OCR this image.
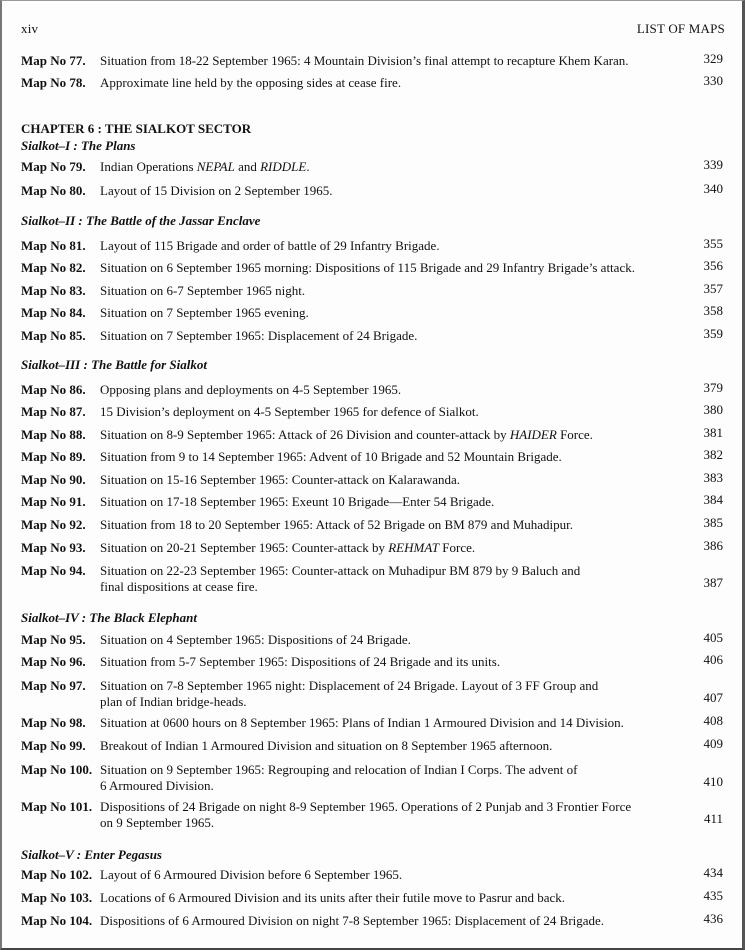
xiv	LIST OF MAPS
CHAPTER 6 : THE SIALKOT SECTOR
Sialkot–I : The Plans
Sialkot–II : The Battle of the Jassar Enclave
Sialkot–III : The Battle for Sialkot
Sialkot–IV : The Black Elephant
Sialkot–V : Enter Pegasus
Map No 77. Situation from 18-22 September 1965: 4 Mountain Division’s final attempt to recapture Khem Karan.	329
Map No 78. Approximate line held by the opposing sides at cease fire.	330
Map No 79. Indian Operations NEPAL and RIDDLE.	339
Map No 80. Layout of 15 Division on 2 September 1965.	340
Map No 81. Layout of 115 Brigade and order of battle of 29 Infantry Brigade.	355
Map No 82. Situation on 6 September 1965 morning: Dispositions of 115 Brigade and 29 Infantry Brigade’s attack.	356
Map No 83. Situation on 6-7 September 1965 night.	357
Map No 84. Situation on 7 September 1965 evening.	358
Map No 85. Situation on 7 September 1965: Displacement of 24 Brigade.	359
Map No 86. Opposing plans and deployments on 4-5 September 1965.	379
Map No 87. 15 Division’s deployment on 4-5 September 1965 for defence of Sialkot.	380
Map No 88. Situation on 8-9 September 1965: Attack of 26 Division and counter-attack by HAIDER Force.	381
Map No 89. Situation from 9 to 14 September 1965: Advent of 10 Brigade and 52 Mountain Brigade.	382
Map No 90. Situation on 15-16 September 1965: Counter-attack on Kalarawanda.	383
Map No 91. Situation on 17-18 September 1965: Exeunt 10 Brigade—Enter 54 Brigade.	384
Map No 92. Situation from 18 to 20 September 1965: Attack of 52 Brigade on BM 879 and Muhadipur.	385
Map No 93. Situation on 20-21 September 1965: Counter-attack by REHMAT Force.	386
Map No 94. Situation on 22-23 September 1965: Counter-attack on Muhadipur BM 879 by 9 Baluch and
final dispositions at cease fire.	387
Map No 95. Situation on 4 September 1965: Dispositions of 24 Brigade.	405
Map No 96. Situation from 5-7 September 1965: Dispositions of 24 Brigade and its units.	406
Map No 97. Situation on 7-8 September 1965 night: Displacement of 24 Brigade. Layout of 3 FF Group and
plan of Indian bridge-heads.	407
Map No 98. Situation at 0600 hours on 8 September 1965: Plans of Indian 1 Armoured Division and 14 Division.	408
Map No 99. Breakout of Indian 1 Armoured Division and situation on 8 September 1965 afternoon.	409
Map No 100. Situation on 9 September 1965: Regrouping and relocation of Indian I Corps. The advent of
6 Armoured Division.	410
Map No 101. Dispositions of 24 Brigade on night 8-9 September 1965. Operations of 2 Punjab and 3 Frontier Force
on 9 September 1965.	411
Map No 102. Layout of 6 Armoured Division before 6 September 1965.	434
Map No 103. Locations of 6 Armoured Division and its units after their futile move to Pasrur and back.	435
Map No 104. Dispositions of 6 Armoured Division on night 7-8 September 1965: Displacement of 24 Brigade.	436
